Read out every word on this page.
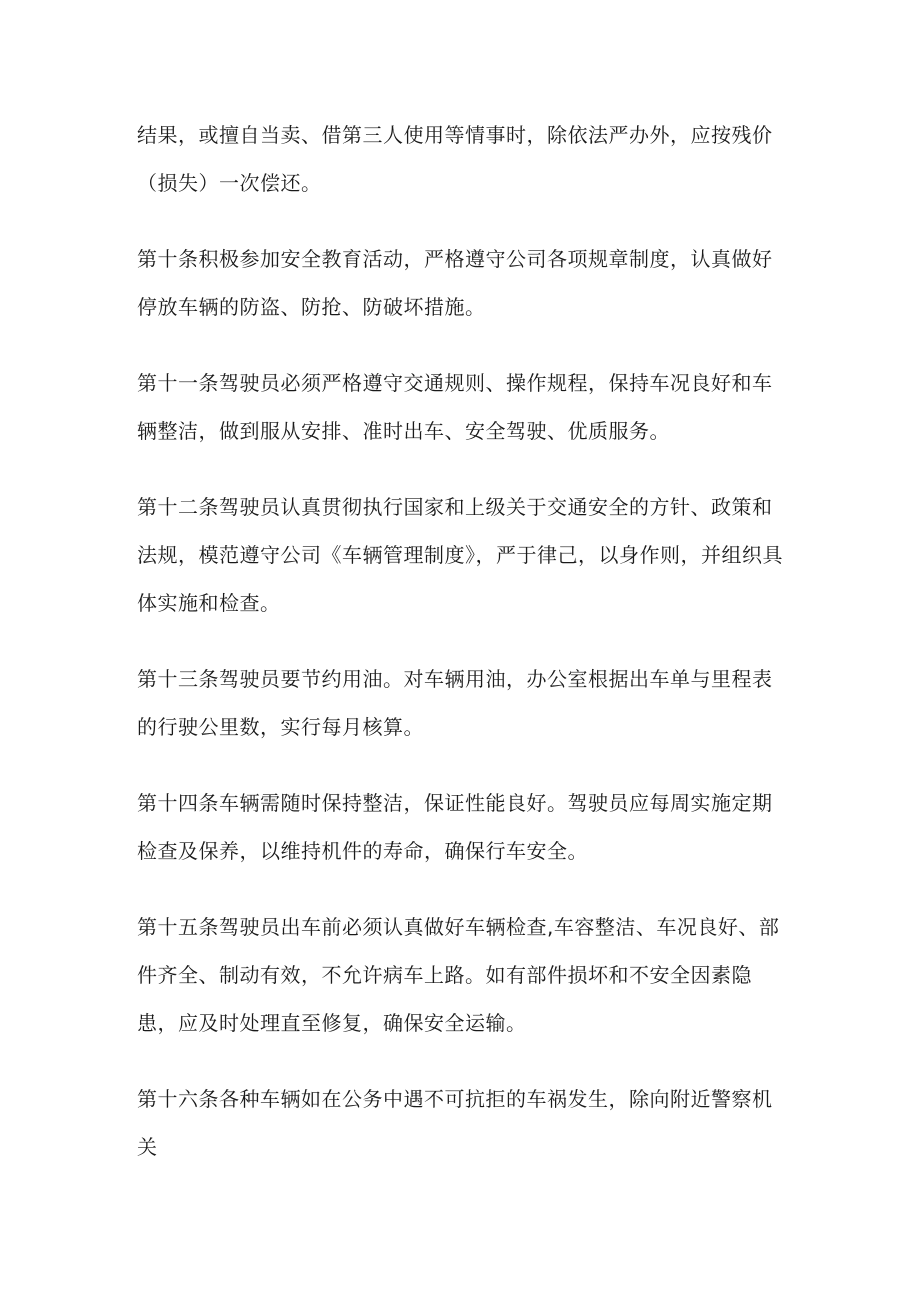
结果，或擅自当卖、借第三人使用等情事时，除依法严办外，应按残价（损失）一次偿还。

第十条积极参加安全教育活动，严格遵守公司各项规章制度，认真做好停放车辆的防盗、防抢、防破坏措施。

第十一条驾驶员必须严格遵守交通规则、操作规程，保持车况良好和车辆整洁，做到服从安排、准时出车、安全驾驶、优质服务。

第十二条驾驶员认真贯彻执行国家和上级关于交通安全的方针、政策和法规，模范遵守公司《车辆管理制度》，严于律己，以身作则，并组织具体实施和检查。

第十三条驾驶员要节约用油。对车辆用油，办公室根据出车单与里程表的行驶公里数，实行每月核算。

第十四条车辆需随时保持整洁，保证性能良好。驾驶员应每周实施定期检查及保养，以维持机件的寿命，确保行车安全。

第十五条驾驶员出车前必须认真做好车辆检查,车容整洁、车况良好、部件齐全、制动有效，不允许病车上路。如有部件损坏和不安全因素隐患，应及时处理直至修复，确保安全运输。

第十六条各种车辆如在公务中遇不可抗拒的车祸发生，除向附近警察机关
